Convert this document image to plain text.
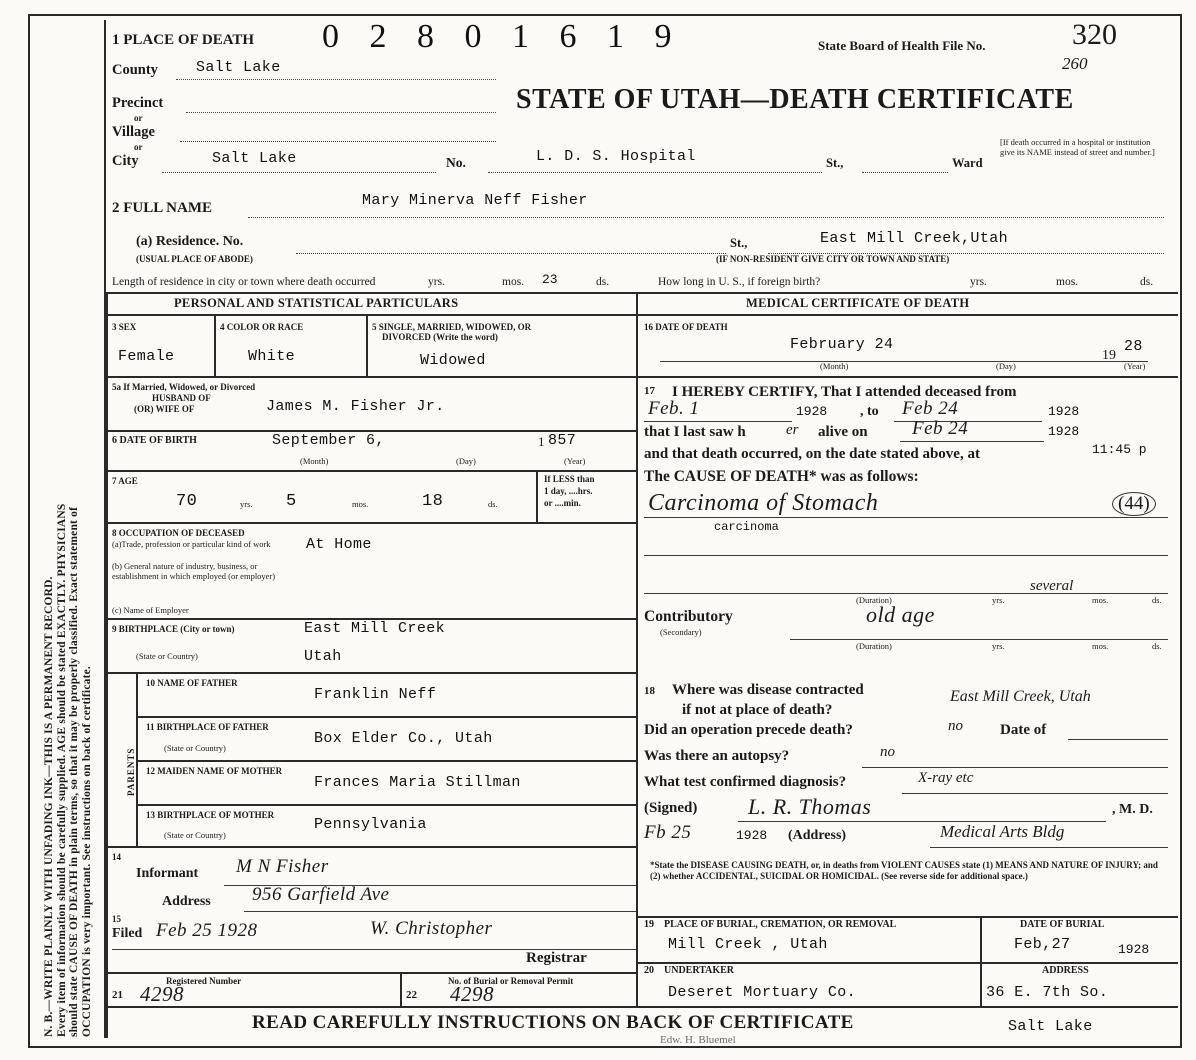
N. B.—WRITE PLAINLY WITH UNFADING INK—THIS IS A PERMANENT RECORD. Every item of information should be carefully supplied. AGE should be stated EXACTLY. PHYSICIANS should state CAUSE OF DEATH in plain terms, so that it may be properly classified. Exact statement of OCCUPATION is very important. See instructions on back of certificate.
1 PLACE OF DEATH 0 2 8 0 1 6 1 9	State Board of Health File No.	320
260
STATE OF UTAH—DEATH CERTIFICATE
County	Salt Lake
Precinct
or
Village
or
City	Salt Lake	No.	L. D. S. Hospital	St.,	Ward
[If death occurred in a hospital or institution give its NAME instead of street and number.]
2 FULL NAME	Mary Minerva Neff Fisher
(a) Residence. No.
(USUAL PLACE OF ABODE)
St.,	East Mill Creek,Utah
(IF NON-RESIDENT GIVE CITY OR TOWN AND STATE)
Length of residence in city or town where death occurred	yrs.	mos. 23	ds.	How long in U. S., if foreign birth?	yrs.	mos.	ds.
PERSONAL AND STATISTICAL PARTICULARS	MEDICAL CERTIFICATE OF DEATH
3 SEX
Female
4 COLOR OR RACE
White
5 SINGLE, MARRIED, WIDOWED, OR
DIVORCED (Write the word)
Widowed
5a If Married, Widowed, or Divorced
HUSBAND OF
(OR) WIFE OF	James M. Fisher Jr.
6 DATE OF BIRTH	September 6,	1 857
(Month)	(Day)	(Year)
7 AGE
70	yrs. 5	mos.	18	ds.
If LESS than
1 day, ....hrs.
or ....min.
8 OCCUPATION OF DECEASED
(a)Trade, profession or particular kind of work	At Home
(b) General nature of industry, business, or establishment in which employed (or employer)
(c) Name of Employer
9 BIRTHPLACE (City or town)	East Mill Creek
(State or Country)	Utah
PARENTS
10 NAME OF FATHER
Franklin Neff
11 BIRTHPLACE OF FATHER
(State or Country)
Box Elder Co., Utah
12 MAIDEN NAME OF MOTHER
Frances Maria Stillman
13 BIRTHPLACE OF MOTHER
(State or Country)
Pennsylvania
14
Informant M N Fisher
Address 956 Garfield Ave
15
Filed Feb 25 1928	W. Christopher
Registrar
Registered Number
21 4298
No. of Burial or Removal Permit
22 4298
16 DATE OF DEATH
February 24
19
28
(Month)	(Day)	(Year)
17 I HEREBY CERTIFY, That I attended deceased from
Feb. 1	1928 , to Feb 24	1928
that I last saw h	er alive on Feb 24	1928
and that death occurred, on the date stated above, at	11:45 p
The CAUSE OF DEATH* was as follows:
Carcinoma of Stomach	(44)
carcinoma
(Duration)	yrs.
several
mos.	ds.
Contributory
(Secondary)
old age
(Duration)	yrs.	mos.	ds.
18 Where was disease contracted
if not at place of death?
East Mill Creek, Utah
Did an operation precede death?	no Date of
Was there an autopsy?	no
What test confirmed diagnosis?	X-ray etc
(Signed) L. R. Thomas	, M. D.
Fb 25	1928 (Address)	Medical Arts Bldg
*State the DISEASE CAUSING DEATH, or, in deaths from VIOLENT CAUSES state (1) MEANS AND NATURE OF INJURY; and (2) whether ACCIDENTAL, SUICIDAL OR HOMICIDAL. (See reverse side for additional space.)
19 PLACE OF BURIAL, CREMATION, OR REMOVAL
Mill Creek , Utah
DATE OF BURIAL
Feb,27	1928
20 UNDERTAKER
Deseret Mortuary Co.
ADDRESS
36 E. 7th So.
Salt Lake
READ CAREFULLY INSTRUCTIONS ON BACK OF CERTIFICATE
Edw. H. Bluemel
